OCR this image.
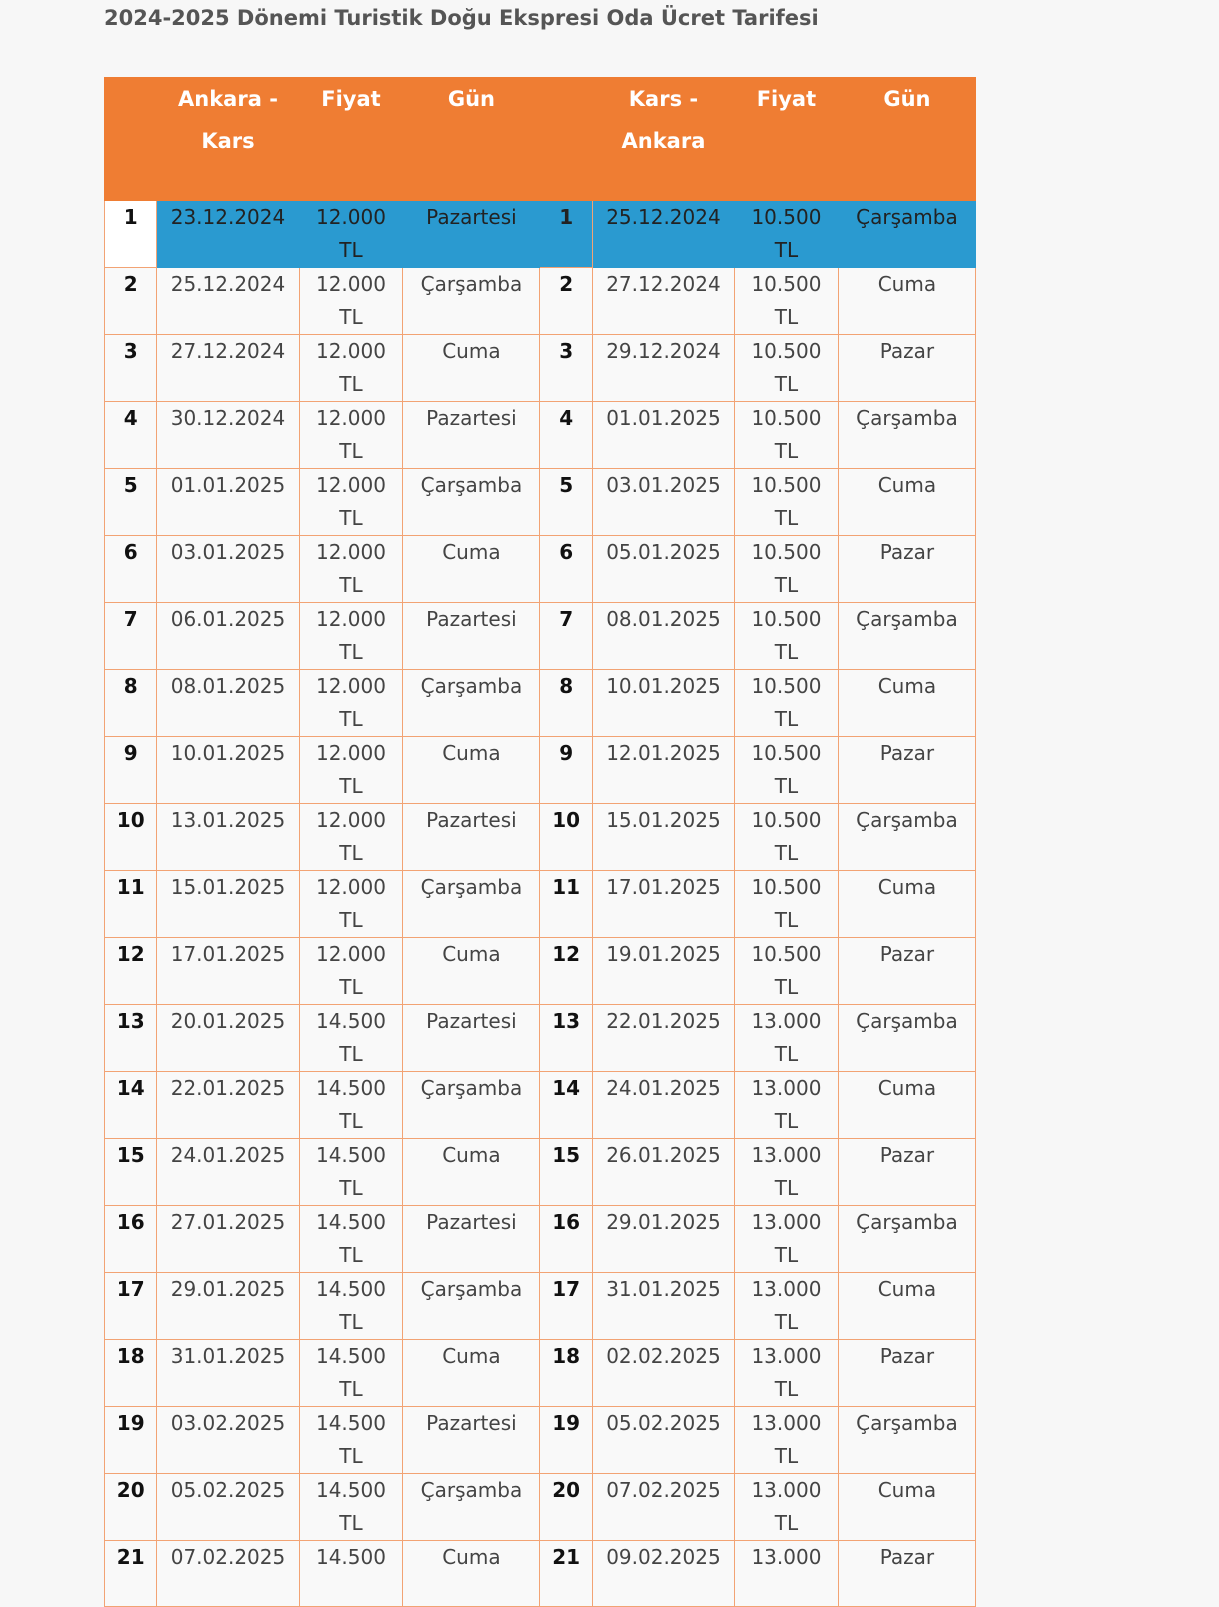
2024-2025 Dönemi Turistik Doğu Ekspresi Oda Ücret Tarifesi
	Ankara - Kars	Fiyat	Gün		Kars - Ankara	Fiyat	Gün
1	23.12.2024	12.000 TL	Pazartesi	1	25.12.2024	10.500 TL	Çarşamba
2	25.12.2024	12.000 TL	Çarşamba	2	27.12.2024	10.500 TL	Cuma
3	27.12.2024	12.000 TL	Cuma	3	29.12.2024	10.500 TL	Pazar
4	30.12.2024	12.000 TL	Pazartesi	4	01.01.2025	10.500 TL	Çarşamba
5	01.01.2025	12.000 TL	Çarşamba	5	03.01.2025	10.500 TL	Cuma
6	03.01.2025	12.000 TL	Cuma	6	05.01.2025	10.500 TL	Pazar
7	06.01.2025	12.000 TL	Pazartesi	7	08.01.2025	10.500 TL	Çarşamba
8	08.01.2025	12.000 TL	Çarşamba	8	10.01.2025	10.500 TL	Cuma
9	10.01.2025	12.000 TL	Cuma	9	12.01.2025	10.500 TL	Pazar
10	13.01.2025	12.000 TL	Pazartesi	10	15.01.2025	10.500 TL	Çarşamba
11	15.01.2025	12.000 TL	Çarşamba	11	17.01.2025	10.500 TL	Cuma
12	17.01.2025	12.000 TL	Cuma	12	19.01.2025	10.500 TL	Pazar
13	20.01.2025	14.500 TL	Pazartesi	13	22.01.2025	13.000 TL	Çarşamba
14	22.01.2025	14.500 TL	Çarşamba	14	24.01.2025	13.000 TL	Cuma
15	24.01.2025	14.500 TL	Cuma	15	26.01.2025	13.000 TL	Pazar
16	27.01.2025	14.500 TL	Pazartesi	16	29.01.2025	13.000 TL	Çarşamba
17	29.01.2025	14.500 TL	Çarşamba	17	31.01.2025	13.000 TL	Cuma
18	31.01.2025	14.500 TL	Cuma	18	02.02.2025	13.000 TL	Pazar
19	03.02.2025	14.500 TL	Pazartesi	19	05.02.2025	13.000 TL	Çarşamba
20	05.02.2025	14.500 TL	Çarşamba	20	07.02.2025	13.000 TL	Cuma
21	07.02.2025	14.500	Cuma	21	09.02.2025	13.000	Pazar
